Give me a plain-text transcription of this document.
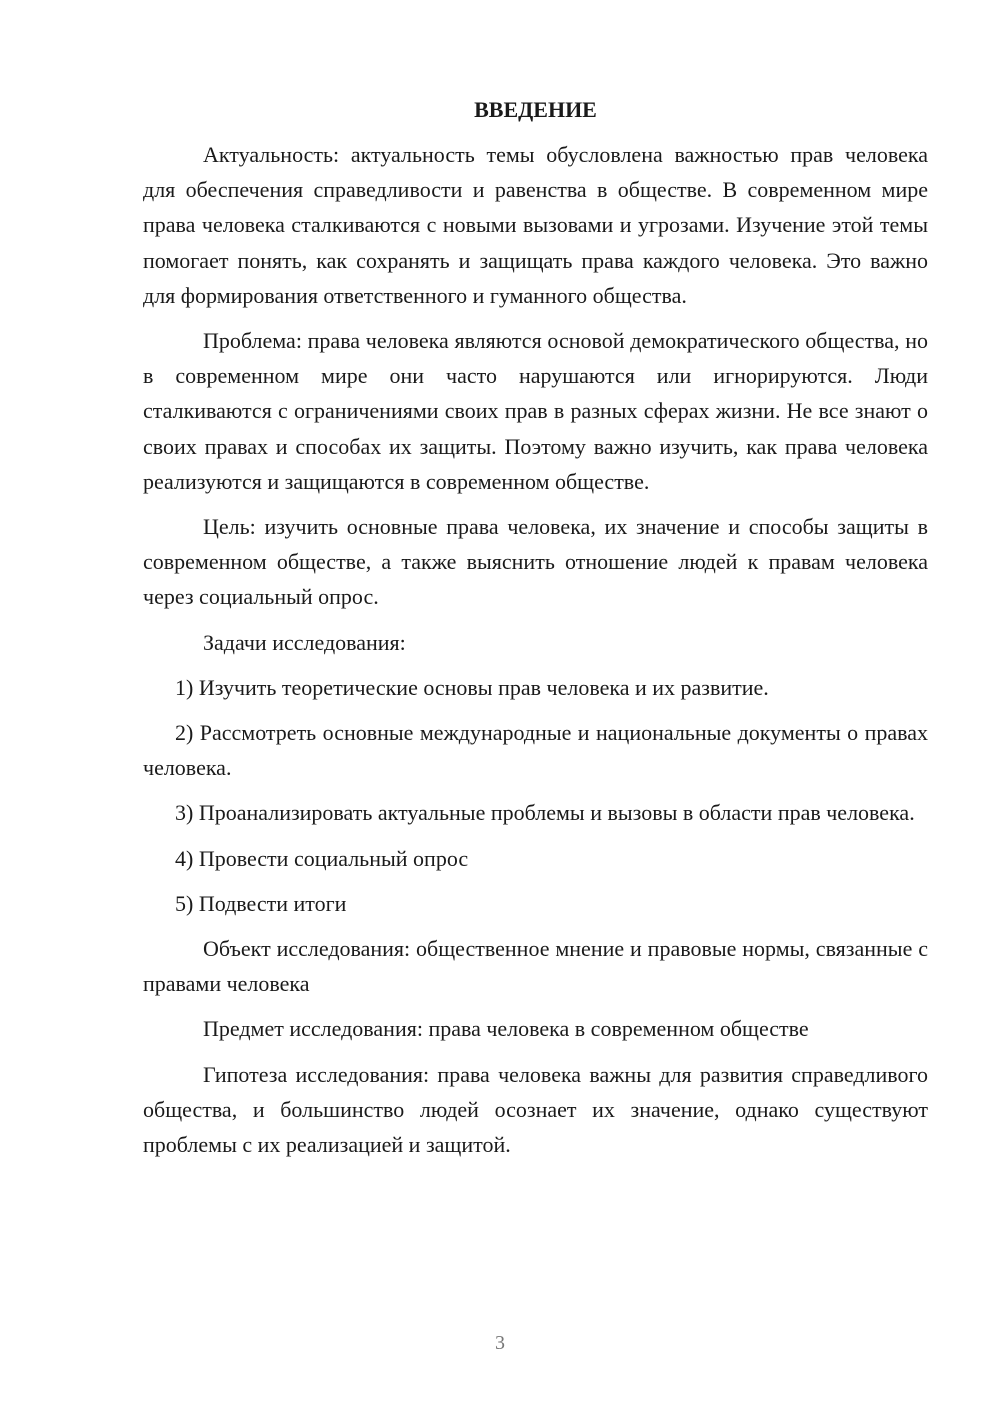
ВВЕДЕНИЕ

Актуальность: актуальность темы обусловлена важностью прав человека для обеспечения справедливости и равенства в обществе. В современном мире права человека сталкиваются с новыми вызовами и угрозами. Изучение этой темы помогает понять, как сохранять и защищать права каждого человека. Это важно для формирования ответственного и гуманного общества.

Проблема: права человека являются основой демократического общества, но в современном мире они часто нарушаются или игнорируются. Люди сталкиваются с ограничениями своих прав в разных сферах жизни. Не все знают о своих правах и способах их защиты. Поэтому важно изучить, как права человека реализуются и защищаются в современном обществе.

Цель: изучить основные права человека, их значение и способы защиты в современном обществе, а также выяснить отношение людей к правам человека через социальный опрос.

Задачи исследования:

1) Изучить теоретические основы прав человека и их развитие.

2) Рассмотреть основные международные и национальные документы о правах человека.

3) Проанализировать актуальные проблемы и вызовы в области прав человека.

4) Провести социальный опрос

5) Подвести итоги

Объект исследования: общественное мнение и правовые нормы, связанные с правами человека

Предмет исследования: права человека в современном обществе

Гипотеза исследования: права человека важны для развития справедливого общества, и большинство людей осознает их значение, однако существуют проблемы с их реализацией и защитой.

3
